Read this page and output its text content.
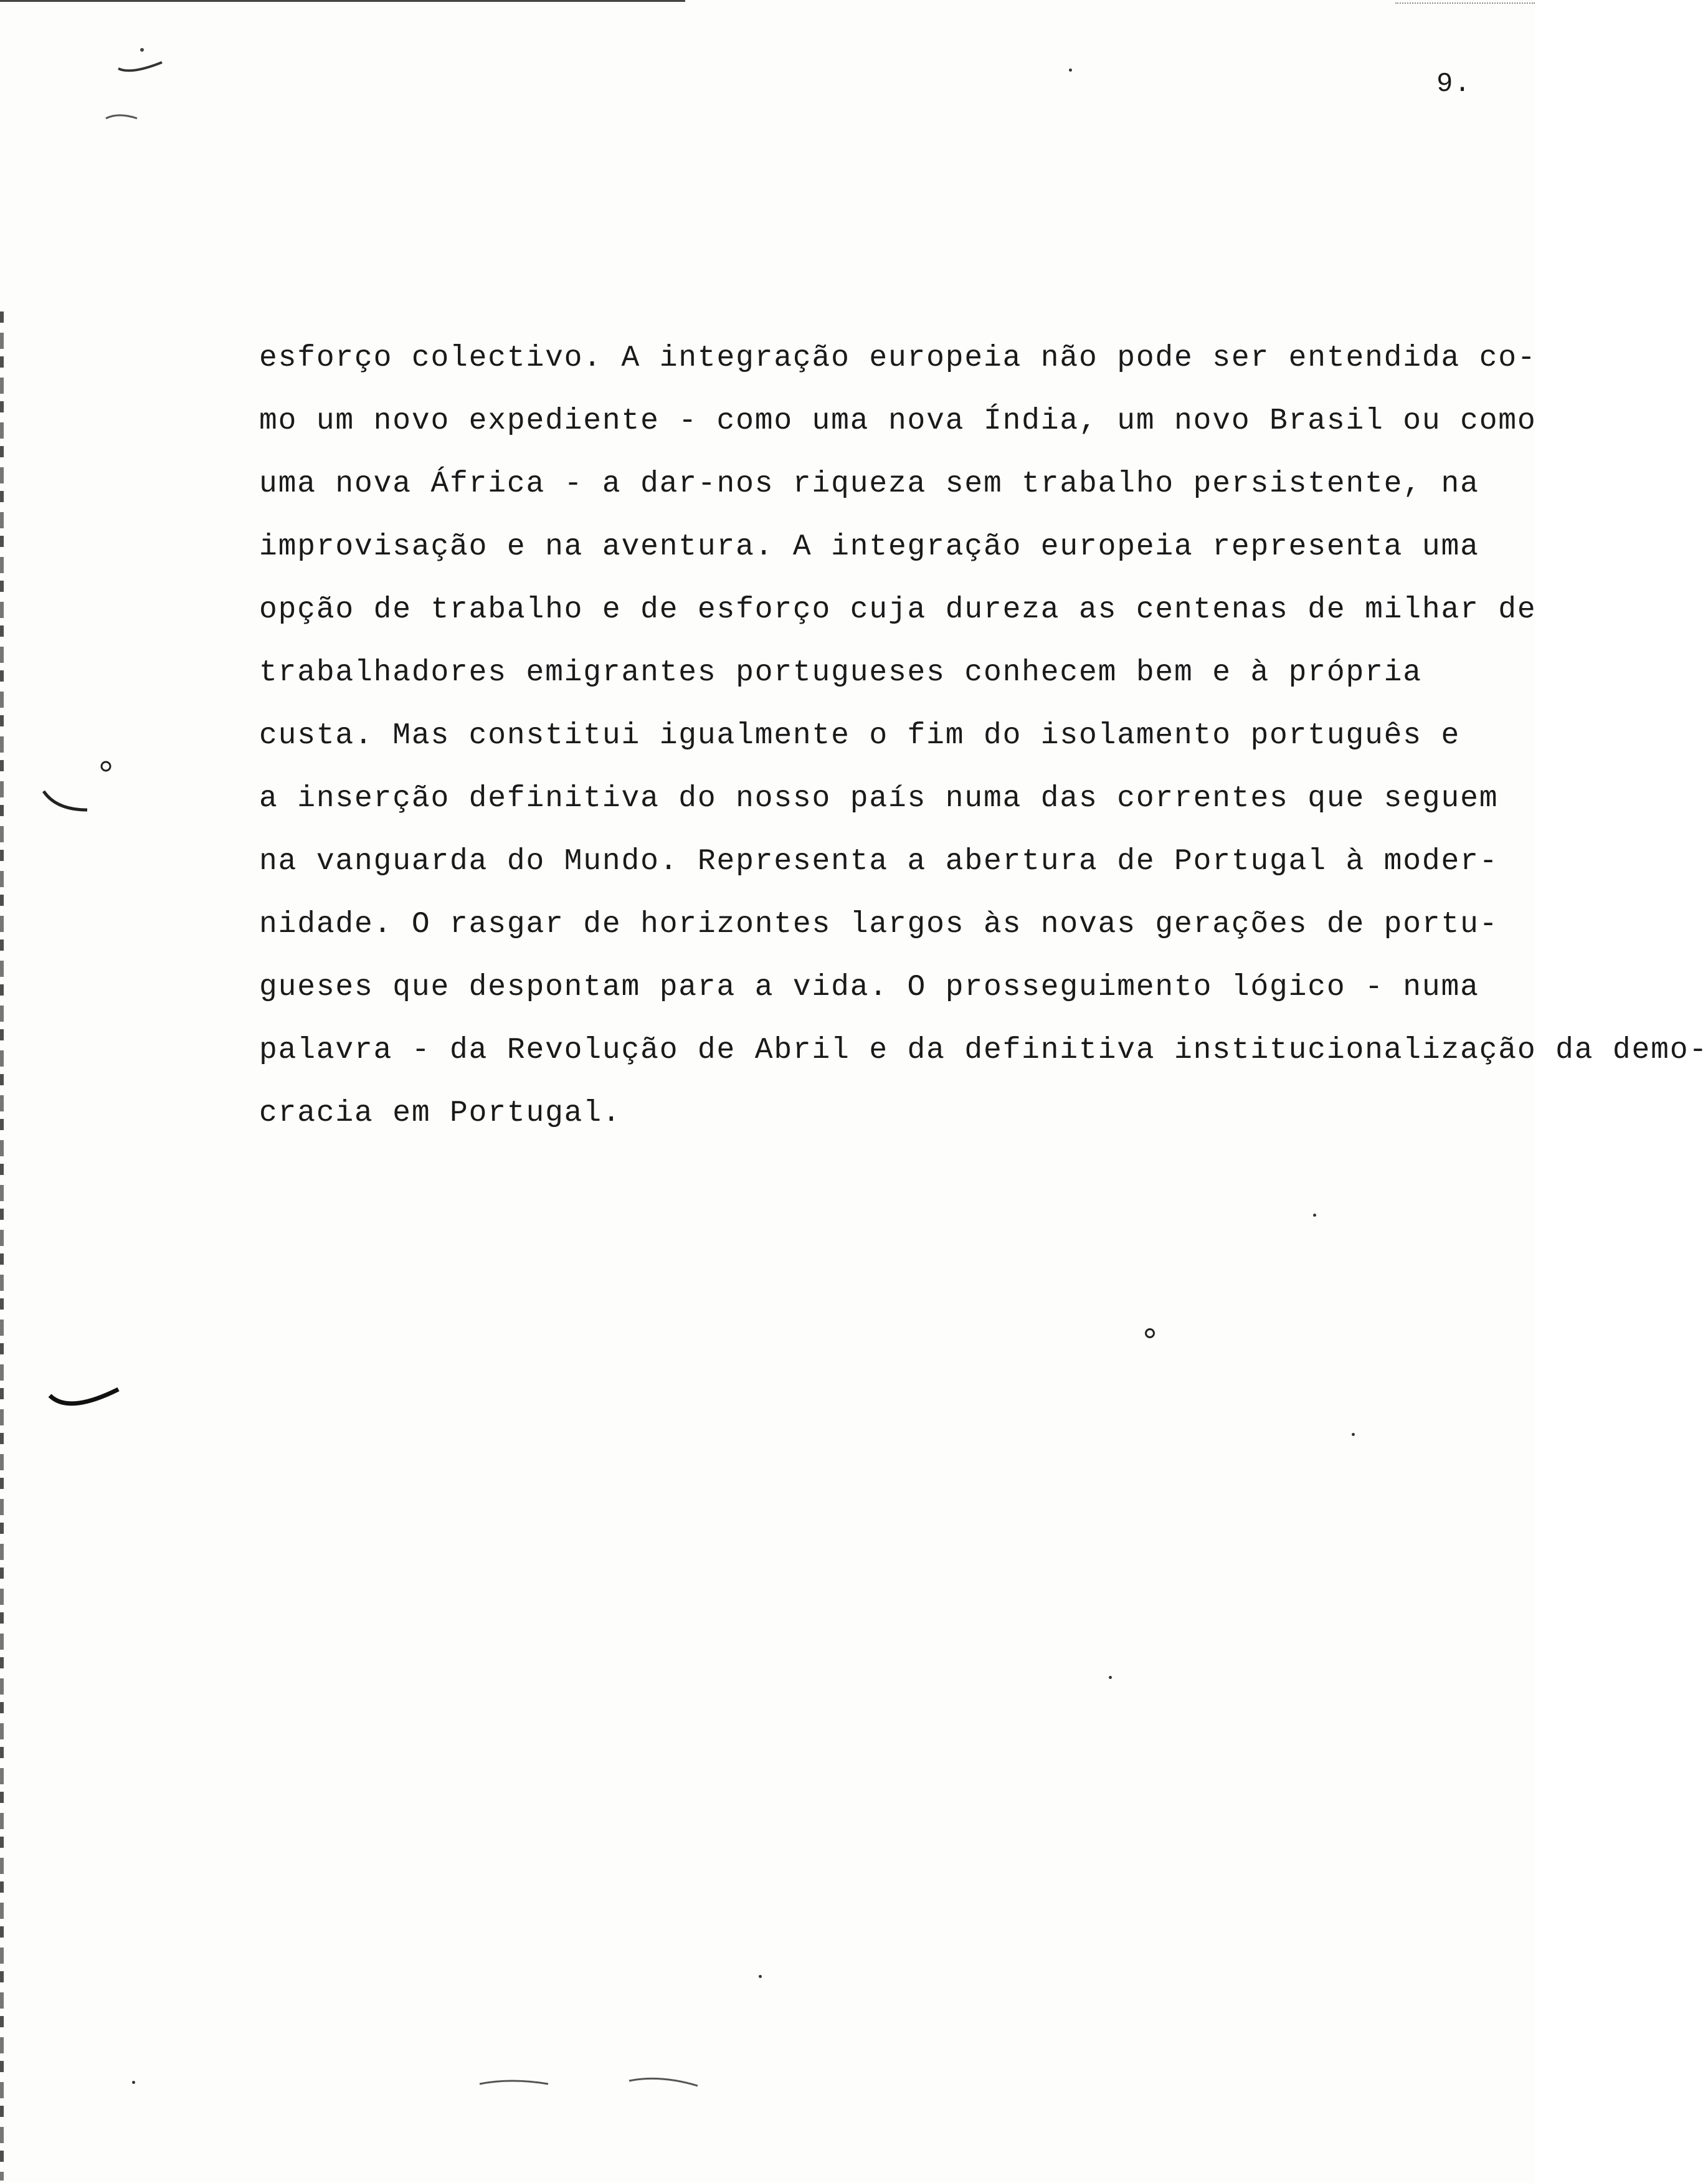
9.
esforço colectivo. A integração europeia não pode ser entendida co-
mo um novo expediente - como uma nova Índia, um novo Brasil ou como
uma nova África - a dar-nos riqueza sem trabalho persistente, na
improvisação e na aventura. A integração europeia representa uma
opção de trabalho e de esforço cuja dureza as centenas de milhar de
trabalhadores emigrantes portugueses conhecem bem e à própria
custa. Mas constitui igualmente o fim do isolamento português e
a inserção definitiva do nosso país numa das correntes que seguem
na vanguarda do Mundo. Representa a abertura de Portugal à moder-
nidade. O rasgar de horizontes largos às novas gerações de portu-
gueses que despontam para a vida. O prosseguimento lógico - numa
palavra - da Revolução de Abril e da definitiva institucionalização da demo-
cracia em Portugal.
